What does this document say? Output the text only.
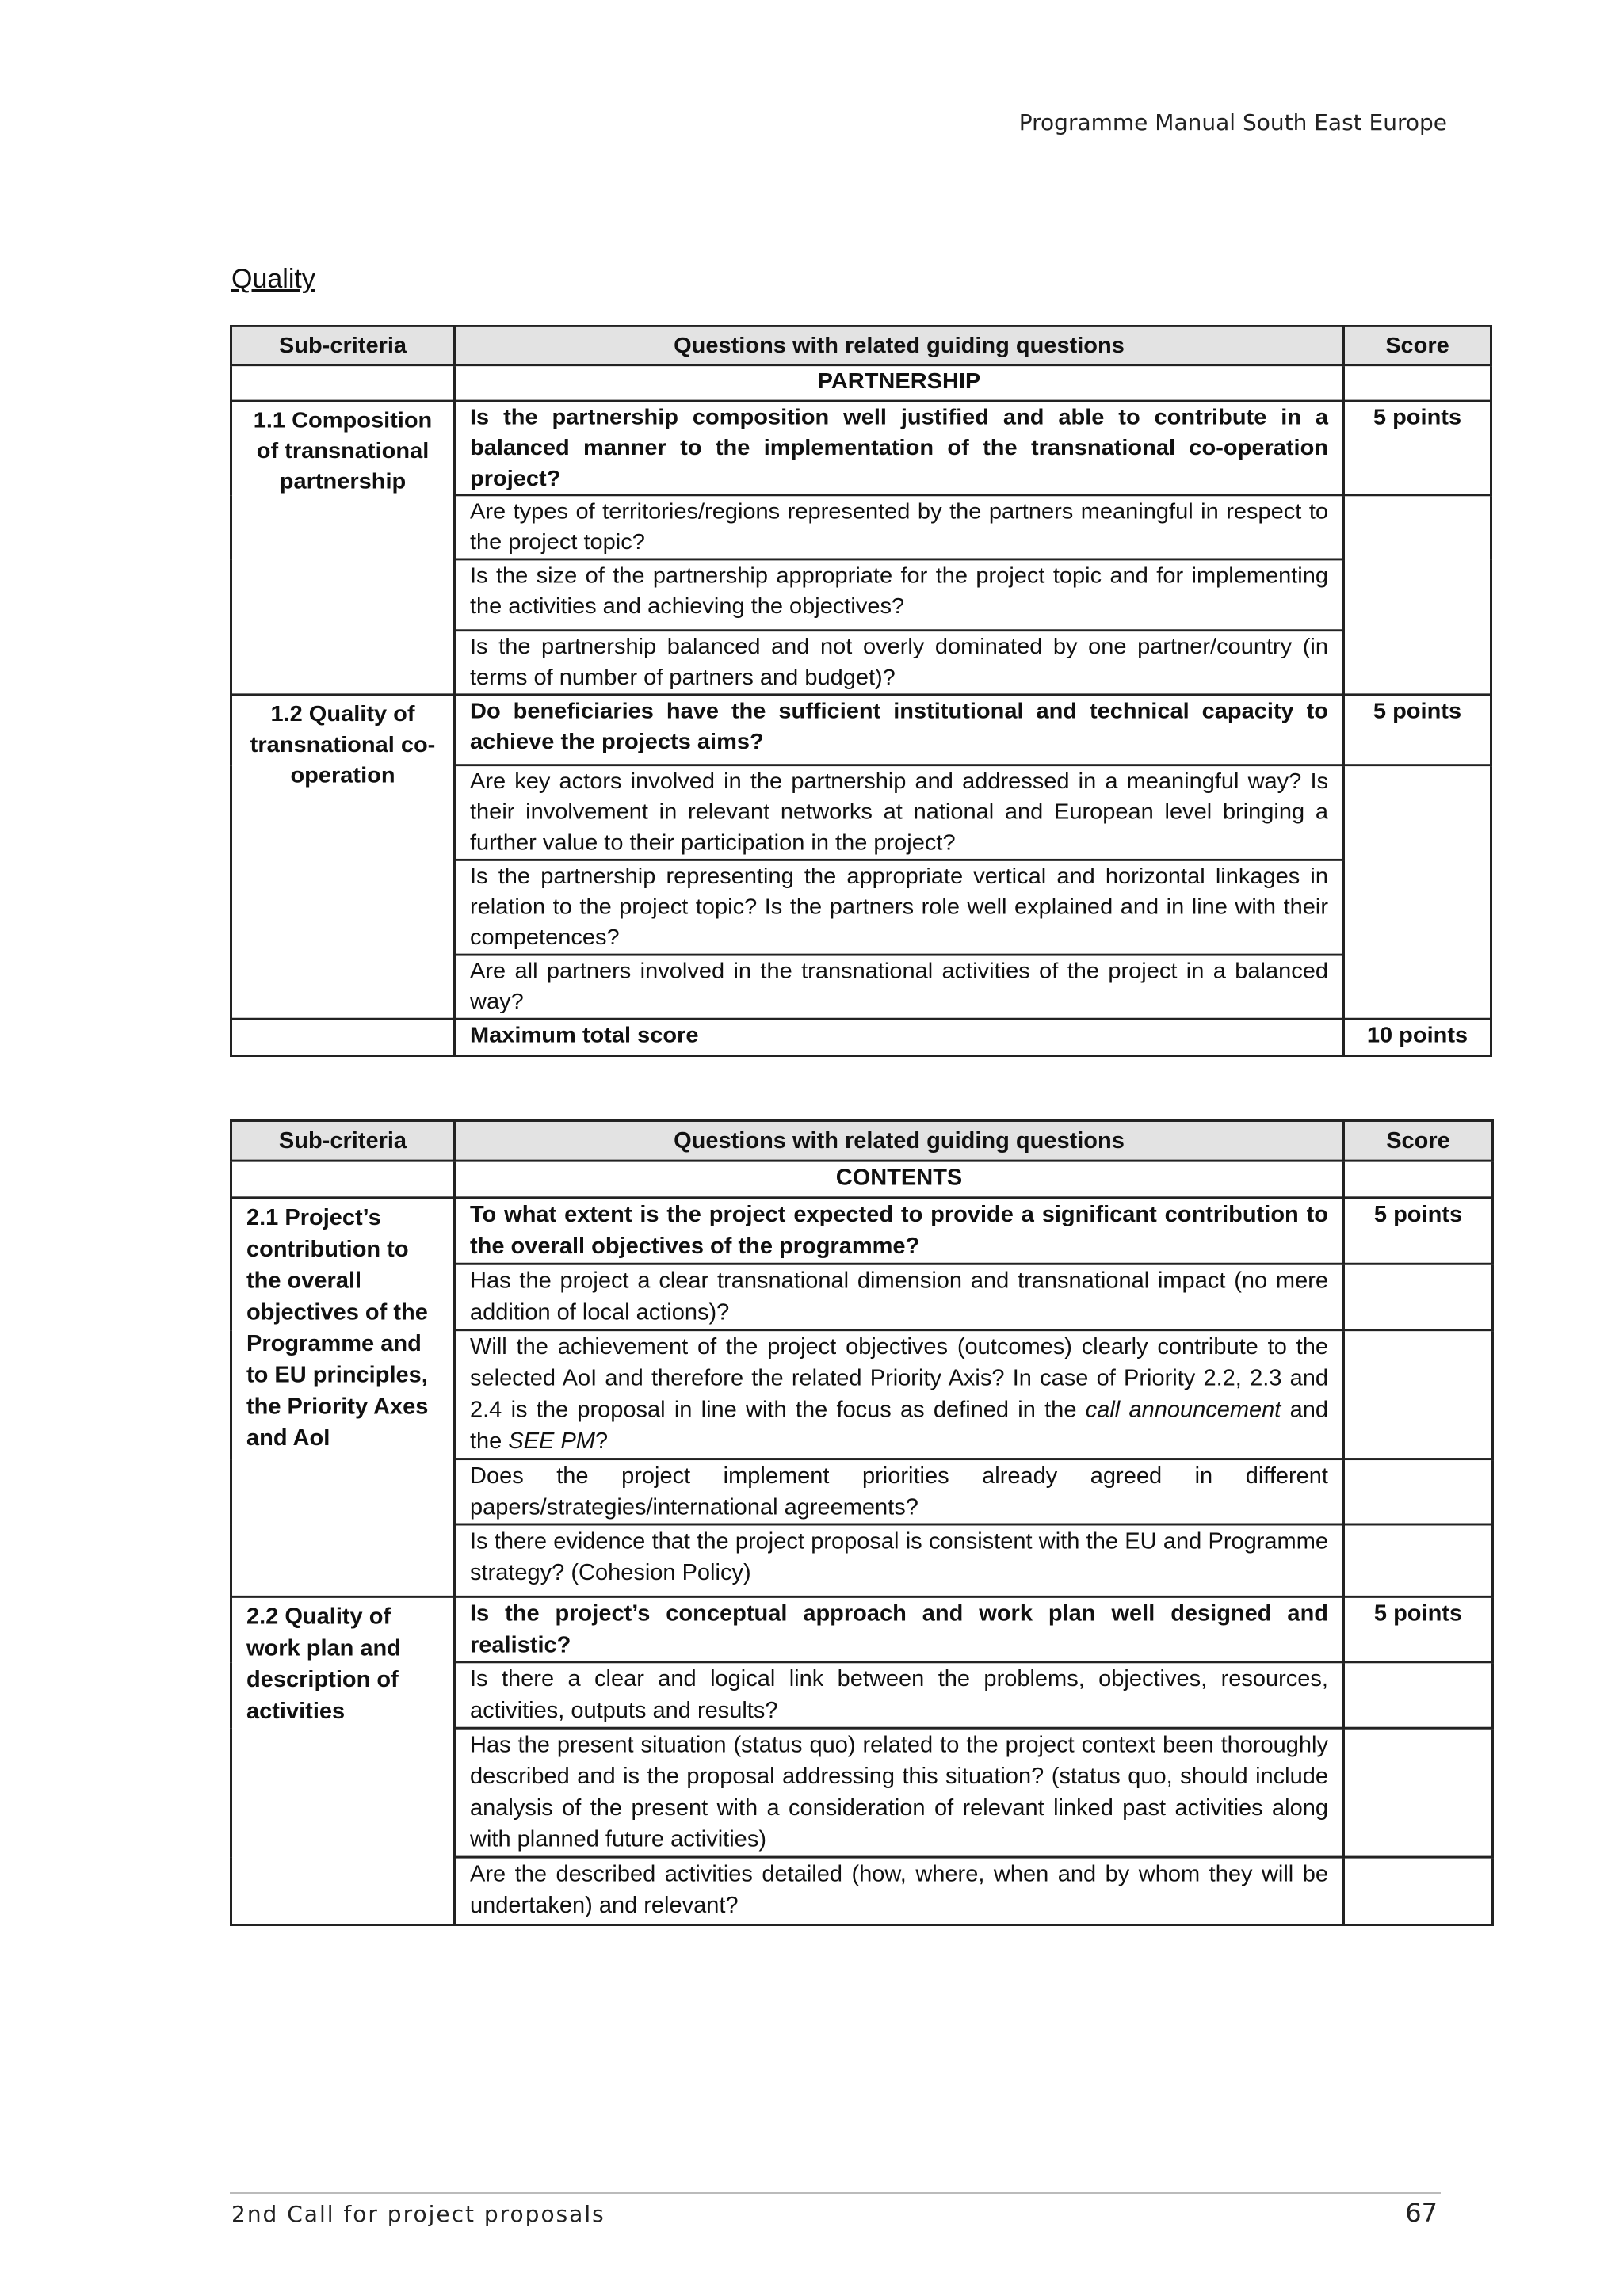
Programme Manual South East Europe
Quality
Sub-criteria	Questions with related guiding questions	Score
	PARTNERSHIP	
1.1 Composition of transnational partnership	Is the partnership composition well justified and able to contribute in a balanced manner to the implementation of the transnational co-operation project?	5 points
	Are types of territories/regions represented by the partners meaningful in respect to the project topic?	
	Is the size of the partnership appropriate for the project topic and for implementing the activities and achieving the objectives?	
	Is the partnership balanced and not overly dominated by one partner/country (in terms of number of partners and budget)?	
1.2 Quality of transnational co-operation	Do beneficiaries have the sufficient institutional and technical capacity to achieve the projects aims?	5 points
	Are key actors involved in the partnership and addressed in a meaningful way? Is their involvement in relevant networks at national and European level bringing a further value to their participation in the project?	
	Is the partnership representing the appropriate vertical and horizontal linkages in relation to the project topic? Is the partners role well explained and in line with their competences?	
	Are all partners involved in the transnational activities of the project in a balanced way?	
	Maximum total score	10 points
Sub-criteria	Questions with related guiding questions	Score
	CONTENTS	
2.1 Project’s contribution to the overall objectives of the Programme and to EU principles, the Priority Axes and AoI	To what extent is the project expected to provide a significant contribution to the overall objectives of the programme?	5 points
	Has the project a clear transnational dimension and transnational impact (no mere addition of local actions)?	
	Will the achievement of the project objectives (outcomes) clearly contribute to the selected AoI and therefore the related Priority Axis? In case of Priority 2.2, 2.3 and 2.4 is the proposal in line with the focus as defined in the call announcement and the SEE PM?	
	Does the project implement priorities already agreed in different papers/strategies/international agreements?	
	Is there evidence that the project proposal is consistent with the EU and Programme strategy? (Cohesion Policy)	
2.2 Quality of work plan and description of activities	Is the project’s conceptual approach and work plan well designed and realistic?	5 points
	Is there a clear and logical link between the problems, objectives, resources, activities, outputs and results?	
	Has the present situation (status quo) related to the project context been thoroughly described and is the proposal addressing this situation? (status quo, should include analysis of the present with a consideration of relevant linked past activities along with planned future activities)	
	Are the described activities detailed (how, where, when and by whom they will be undertaken) and relevant?	
2nd Call for project proposals	67
